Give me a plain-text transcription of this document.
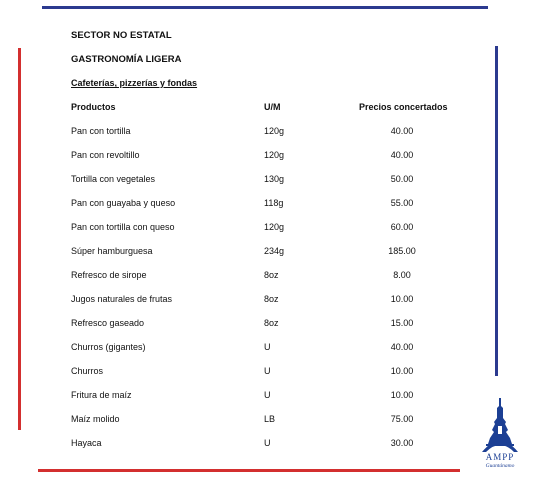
SECTOR NO ESTATAL
GASTRONOMÍA LIGERA
Cafeterías, pizzerías y fondas
Productos	U/M	Precios concertados
Pan con tortilla	120g	40.00
Pan con revoltillo	120g	40.00
Tortilla con vegetales	130g	50.00
Pan con guayaba y queso	118g	55.00
Pan con tortilla con queso	120g	60.00
Súper hamburguesa	234g	185.00
Refresco de sirope	8oz	8.00
Jugos naturales de frutas	8oz	10.00
Refresco gaseado	8oz	15.00
Churros (gigantes)	U	40.00
Churros	U	10.00
Fritura de maíz	U	10.00
Maíz molido	LB	75.00
Hayaca	U	30.00
AMPP
Guantánamo
